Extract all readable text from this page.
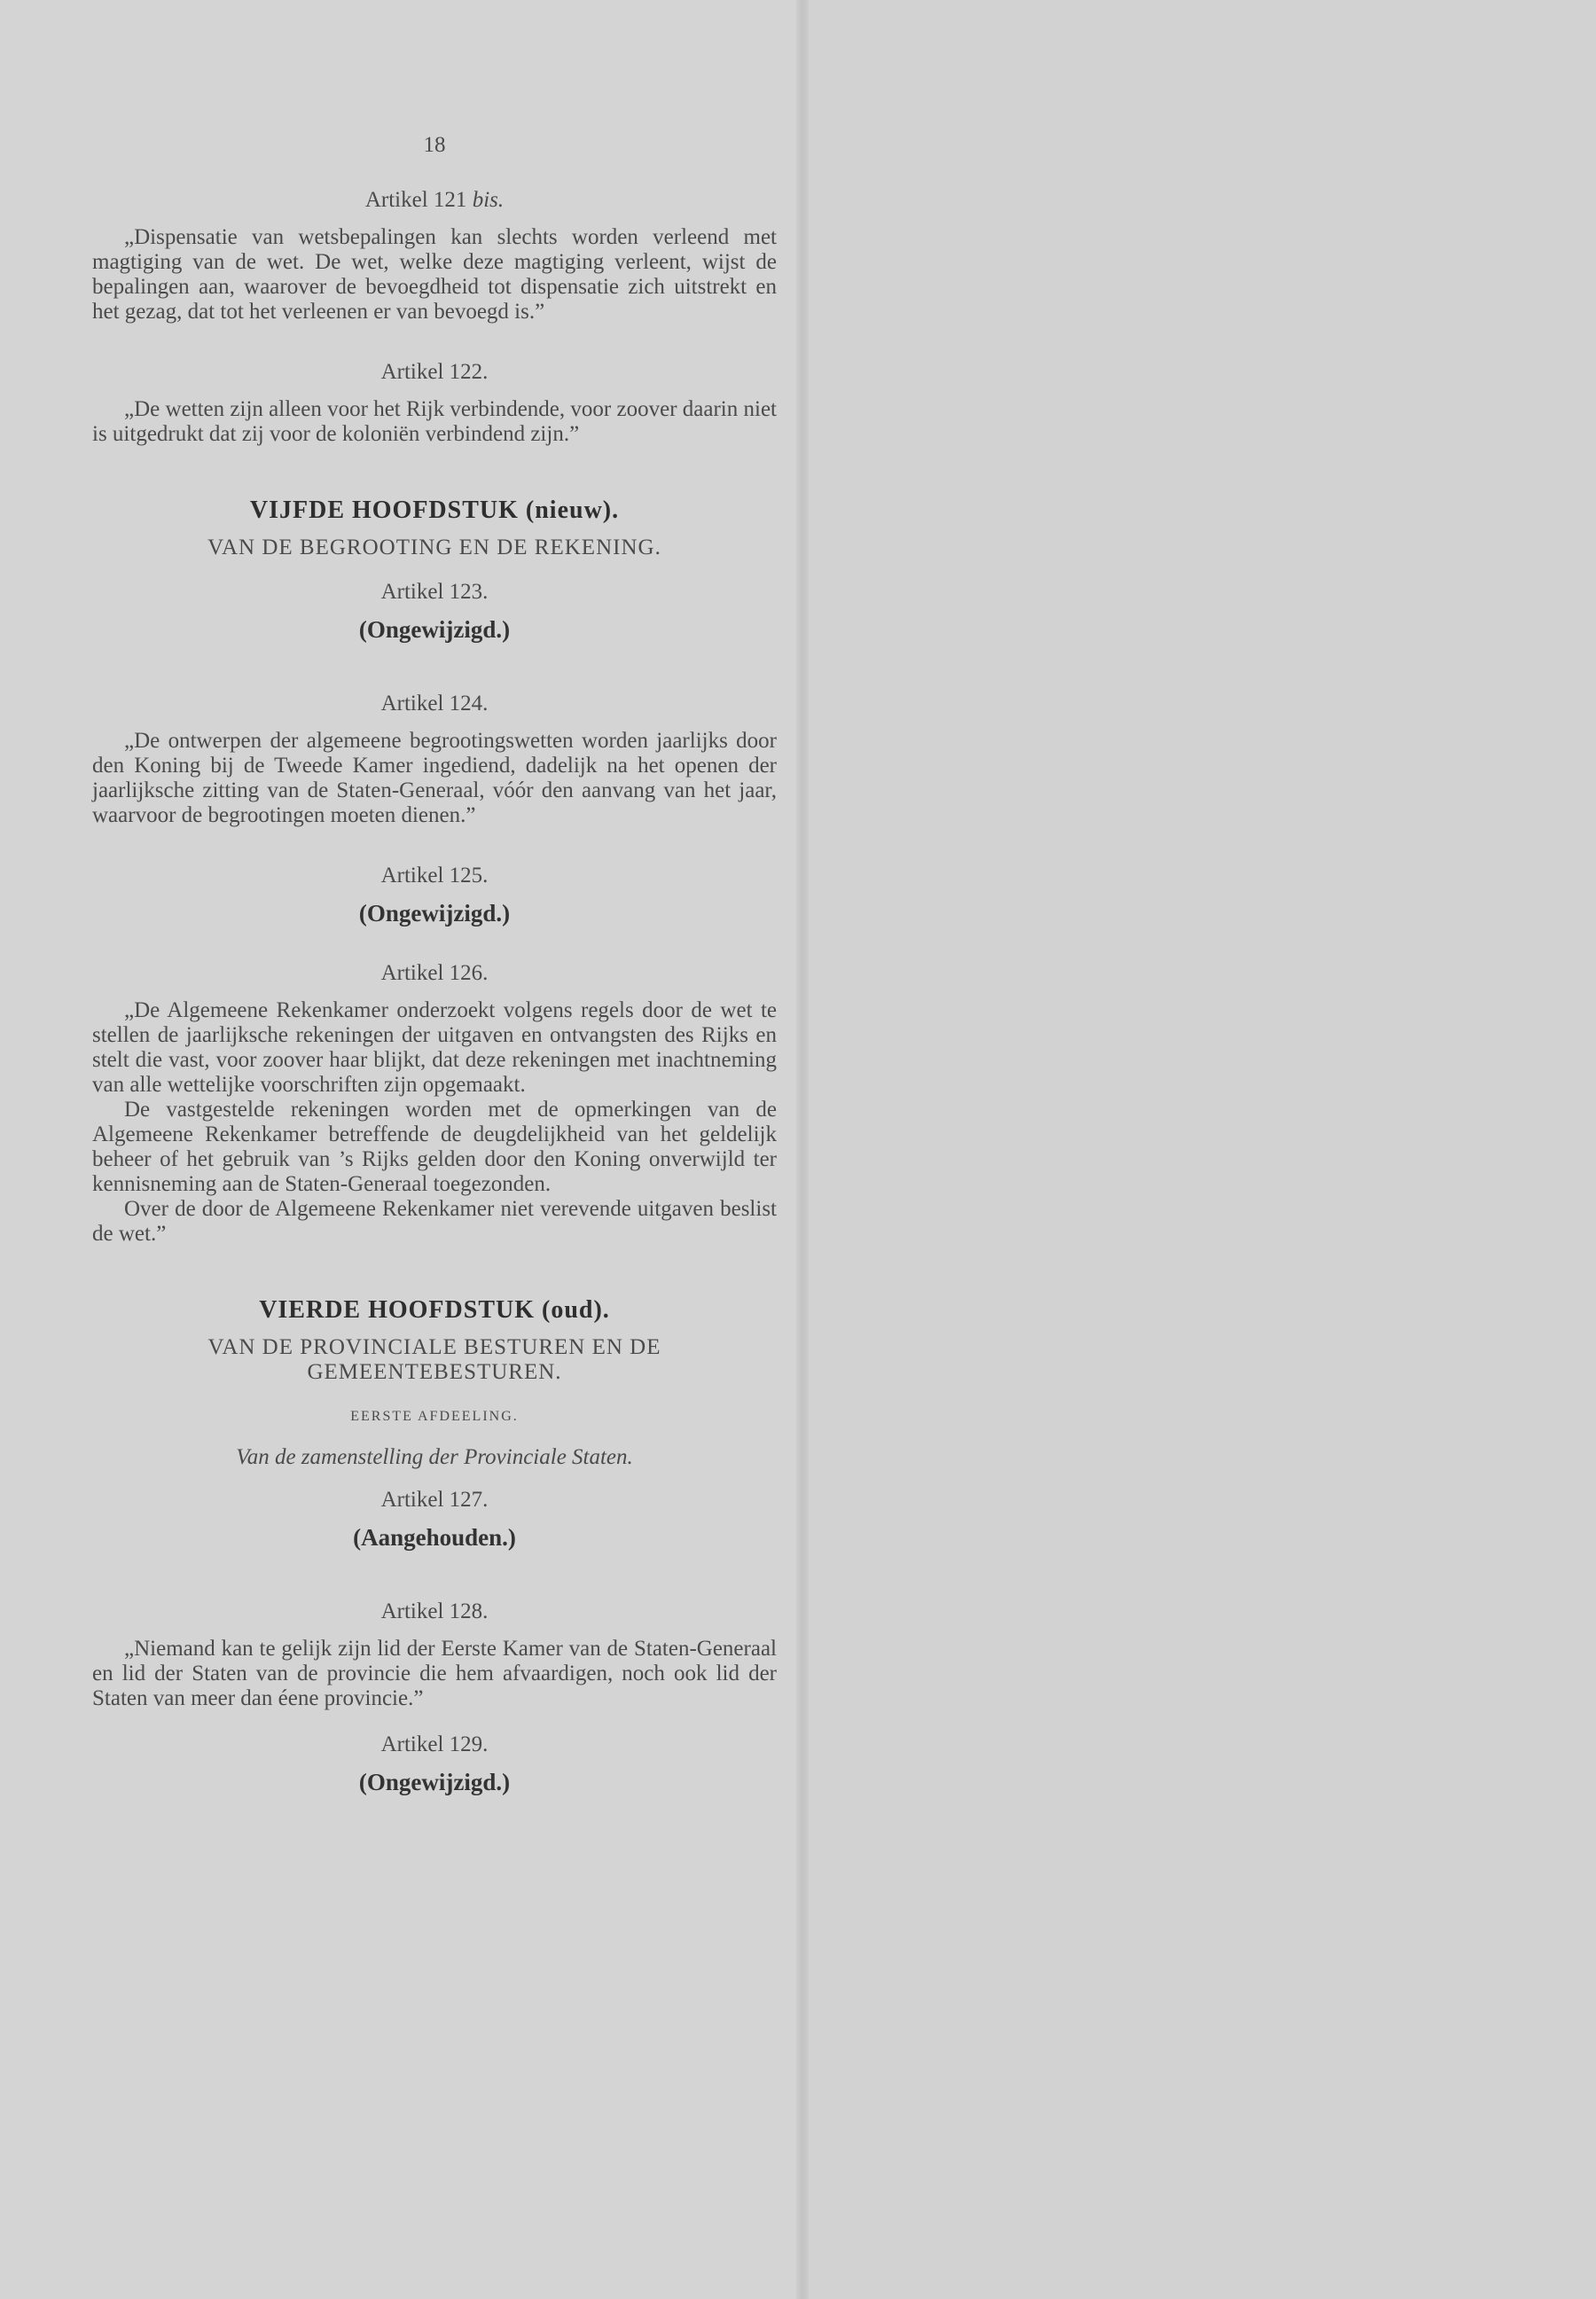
18
Artikel 121 bis.

„Dispensatie van wetsbepalingen kan slechts worden verleend met magtiging van de wet. De wet, welke deze magtiging verleent, wijst de bepalingen aan, waarover de bevoegdheid tot dispensatie zich uitstrekt en het gezag, dat tot het verleenen er van bevoegd is.”

Artikel 122.

„De wetten zijn alleen voor het Rijk verbindende, voor zoover daarin niet is uitgedrukt dat zij voor de koloniën verbindend zijn.”

VIJFDE HOOFDSTUK (nieuw).
VAN DE BEGROOTING EN DE REKENING.
Artikel 123.
(Ongewijzigd.)
Artikel 124.

„De ontwerpen der algemeene begrootingswetten worden jaarlijks door den Koning bij de Tweede Kamer ingediend, dadelijk na het openen der jaarlijksche zitting van de Staten-Generaal, vóór den aanvang van het jaar, waarvoor de begrootingen moeten dienen.”

Artikel 125.
(Ongewijzigd.)
Artikel 126.

„De Algemeene Rekenkamer onderzoekt volgens regels door de wet te stellen de jaarlijksche rekeningen der uitgaven en ontvangsten des Rijks en stelt die vast, voor zoover haar blijkt, dat deze rekeningen met inachtneming van alle wettelijke voorschriften zijn opgemaakt.

De vastgestelde rekeningen worden met de opmerkingen van de Algemeene Rekenkamer betreffende de deugdelijkheid van het geldelijk beheer of het gebruik van ’s Rijks gelden door den Koning onverwijld ter kennisneming aan de Staten-Generaal toegezonden.

Over de door de Algemeene Rekenkamer niet verevende uitgaven beslist de wet.”

VIERDE HOOFDSTUK (oud).
VAN DE PROVINCIALE BESTUREN EN DE
GEMEENTEBESTUREN.
EERSTE AFDEELING.
Van de zamenstelling der Provinciale Staten.
Artikel 127.
(Aangehouden.)
Artikel 128.

„Niemand kan te gelijk zijn lid der Eerste Kamer van de Staten-Generaal en lid der Staten van de provincie die hem afvaardigen, noch ook lid der Staten van meer dan éene provincie.”

Artikel 129.
(Ongewijzigd.)
